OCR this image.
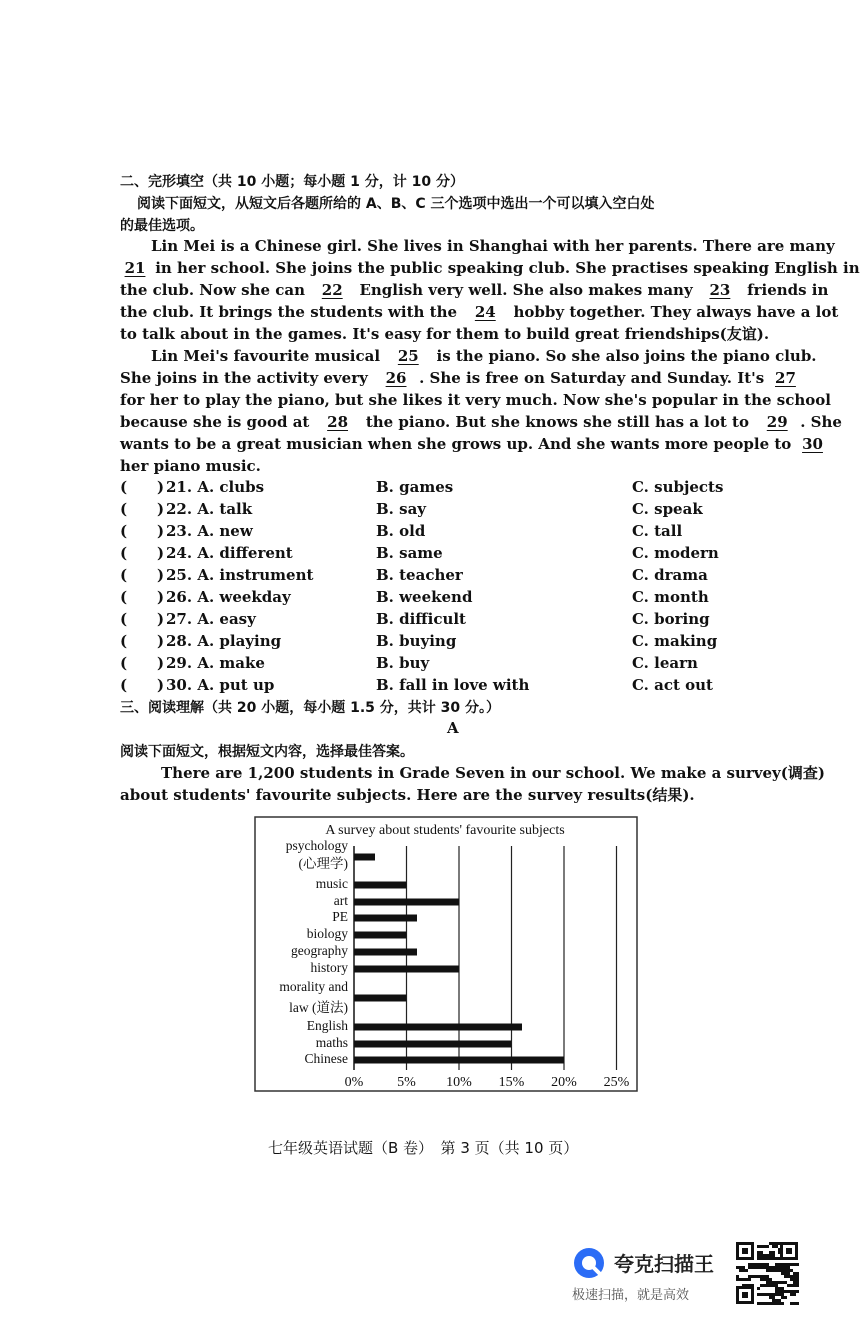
二、完形填空（共 10 小题；每小题 1 分，计 10 分）
阅读下面短文，从短文后各题所给的 A、B、C 三个选项中选出一个可以填入空白处
的最佳选项。
Lin Mei is a Chinese girl. She lives in Shanghai with her parents. There are many
21 in her school. She joins the public speaking club. She practises speaking English in
the club. Now she can 22 English very well. She also makes many 23 friends in
the club. It brings the students with the 24 hobby together. They always have a lot
to talk about in the games. It's easy for them to build great friendships(友谊).
Lin Mei's favourite musical 25 is the piano. So she also joins the piano club.
She joins in the activity every 26 . She is free on Saturday and Sunday. It's 27
for her to play the piano, but she likes it very much. Now she's popular in the school
because she is good at 28 the piano. But she knows she still has a lot to 29 . She
wants to be a great musician when she grows up. And she wants more people to 30
her piano music.
( ) 21. A. clubs	B. games	C. subjects
( ) 22. A. talk	B. say	C. speak
( ) 23. A. new	B. old	C. tall
( ) 24. A. different	B. same	C. modern
( ) 25. A. instrument	B. teacher	C. drama
( ) 26. A. weekday	B. weekend	C. month
( ) 27. A. easy	B. difficult	C. boring
( ) 28. A. playing	B. buying	C. making
( ) 29. A. make	B. buy	C. learn
( ) 30. A. put up	B. fall in love with	C. act out
三、阅读理解（共 20 小题，每小题 1.5 分，共计 30 分。）
A
阅读下面短文，根据短文内容，选择最佳答案。
There are 1,200 students in Grade Seven in our school. We make a survey(调查)
about students' favourite subjects. Here are the survey results(结果).
A survey about students' favourite subjects
psychology
(心理学)
music
art
PE
biology
geography
history
morality and
law (道法)
English
maths
Chinese
0% 5% 10% 15% 20% 25%
七年级英语试题（B 卷）　第 3 页（共 10 页）
夸克扫描王
极速扫描，就是高效
